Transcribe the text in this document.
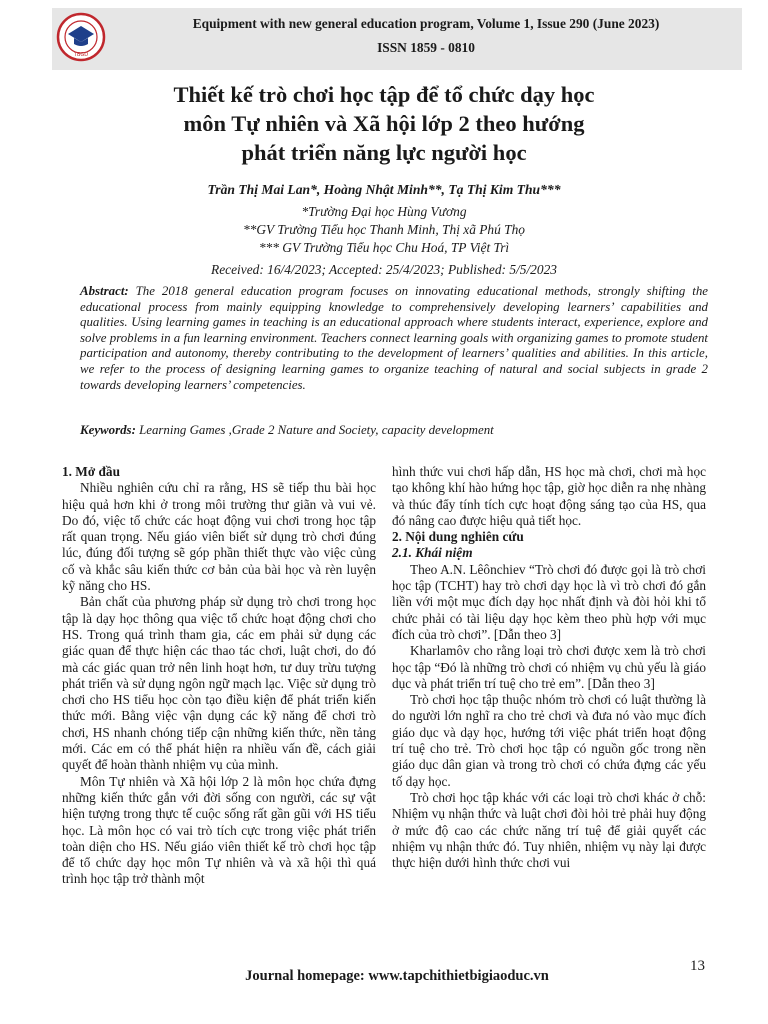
TBGD
Equipment with new general education program, Volume 1, Issue 290 (June 2023)
ISSN 1859 - 0810
Thiết kế trò chơi học tập để tổ chức dạy học
môn Tự nhiên và Xã hội lớp 2 theo hướng
phát triển năng lực người học
Trần Thị Mai Lan*, Hoàng Nhật Minh**, Tạ Thị Kim Thu***
*Trường Đại học Hùng Vương
**GV Trường Tiểu học Thanh Minh, Thị xã Phú Thọ
*** GV Trường Tiểu học Chu Hoá, TP Việt Trì
Received: 16/4/2023; Accepted: 25/4/2023; Published: 5/5/2023
Abstract: The 2018 general education program focuses on innovating educational methods, strongly shifting the educational process from mainly equipping knowledge to comprehensively developing learners’ capabilities and qualities. Using learning games in teaching is an educational approach where students interact, experience, explore and solve problems in a fun learning environment. Teachers connect learning goals with organizing games to promote student participation and autonomy, thereby contributing to the development of learners’ qualities and abilities. In this article, we refer to the process of designing learning games to organize teaching of natural and social subjects in grade 2 towards developing learners’ competencies.
Keywords: Learning Games ,Grade 2 Nature and Society, capacity development

1. Mở đầu

Nhiều nghiên cứu chỉ ra rằng, HS sẽ tiếp thu bài học hiệu quả hơn khi ở trong môi trường thư giãn và vui vẻ. Do đó, việc tổ chức các hoạt động vui chơi trong học tập rất quan trọng. Nếu giáo viên biết sử dụng trò chơi đúng lúc, đúng đối tượng sẽ góp phần thiết thực vào việc củng cố và khắc sâu kiến thức cơ bản của bài học và rèn luyện kỹ năng cho HS.

Bản chất của phương pháp sử dụng trò chơi trong học tập là dạy học thông qua việc tổ chức hoạt động chơi cho HS. Trong quá trình tham gia, các em phải sử dụng các giác quan để thực hiện các thao tác chơi, luật chơi, do đó mà các giác quan trở nên linh hoạt hơn, tư duy trừu tượng phát triển và sử dụng ngôn ngữ mạch lạc. Việc sử dụng trò chơi cho HS tiểu học còn tạo điều kiện để phát triển kiến thức mới. Bằng việc vận dụng các kỹ năng để chơi trò chơi, HS nhanh chóng tiếp cận những kiến thức, nền tảng mới. Các em có thể phát hiện ra nhiều vấn đề, cách giải quyết để hoàn thành nhiệm vụ của mình.

Môn Tự nhiên và Xã hội lớp 2 là môn học chứa đựng những kiến thức gắn với đời sống con người, các sự vật hiện tượng trong thực tế cuộc sống rất gần gũi với HS tiểu học. Là môn học có vai trò tích cực trong việc phát triển toàn diện cho HS. Nếu giáo viên thiết kế trò chơi học tập để tổ chức dạy học môn Tự nhiên và và xã hội thì quá trình học tập trở thành một

hình thức vui chơi hấp dẫn, HS học mà chơi, chơi mà học tạo không khí hào hứng học tập, giờ học diễn ra nhẹ nhàng và thúc đẩy tính tích cực hoạt động sáng tạo của HS, qua đó nâng cao được hiệu quả tiết học.

2. Nội dung nghiên cứu

2.1. Khái niệm

Theo A.N. Lêônchiev “Trò chơi đó được gọi là trò chơi học tập (TCHT) hay trò chơi dạy học là vì trò chơi đó gắn liền với một mục đích dạy học nhất định và đòi hỏi khi tổ chức phải có tài liệu dạy học kèm theo phù hợp với mục đích của trò chơi”. [Dẫn theo 3]

Kharlamôv cho rằng loại trò chơi được xem là trò chơi học tập “Đó là những trò chơi có nhiệm vụ chủ yếu là giáo dục và phát triển trí tuệ cho trẻ em”. [Dẫn theo 3]

Trò chơi học tập thuộc nhóm trò chơi có luật thường là do người lớn nghĩ ra cho trẻ chơi và đưa nó vào mục đích giáo dục và dạy học, hướng tới việc phát triển hoạt động trí tuệ cho trẻ. Trò chơi học tập có nguồn gốc trong nền giáo dục dân gian và trong trò chơi có chứa đựng các yếu tố dạy học.

Trò chơi học tập khác với các loại trò chơi khác ở chỗ: Nhiệm vụ nhận thức và luật chơi đòi hỏi trẻ phải huy động ở mức độ cao các chức năng trí tuệ để giải quyết các nhiệm vụ nhận thức đó. Tuy nhiên, nhiệm vụ này lại được thực hiện dưới hình thức chơi vui

13
Journal homepage: www.tapchithietbigiaoduc.vn
